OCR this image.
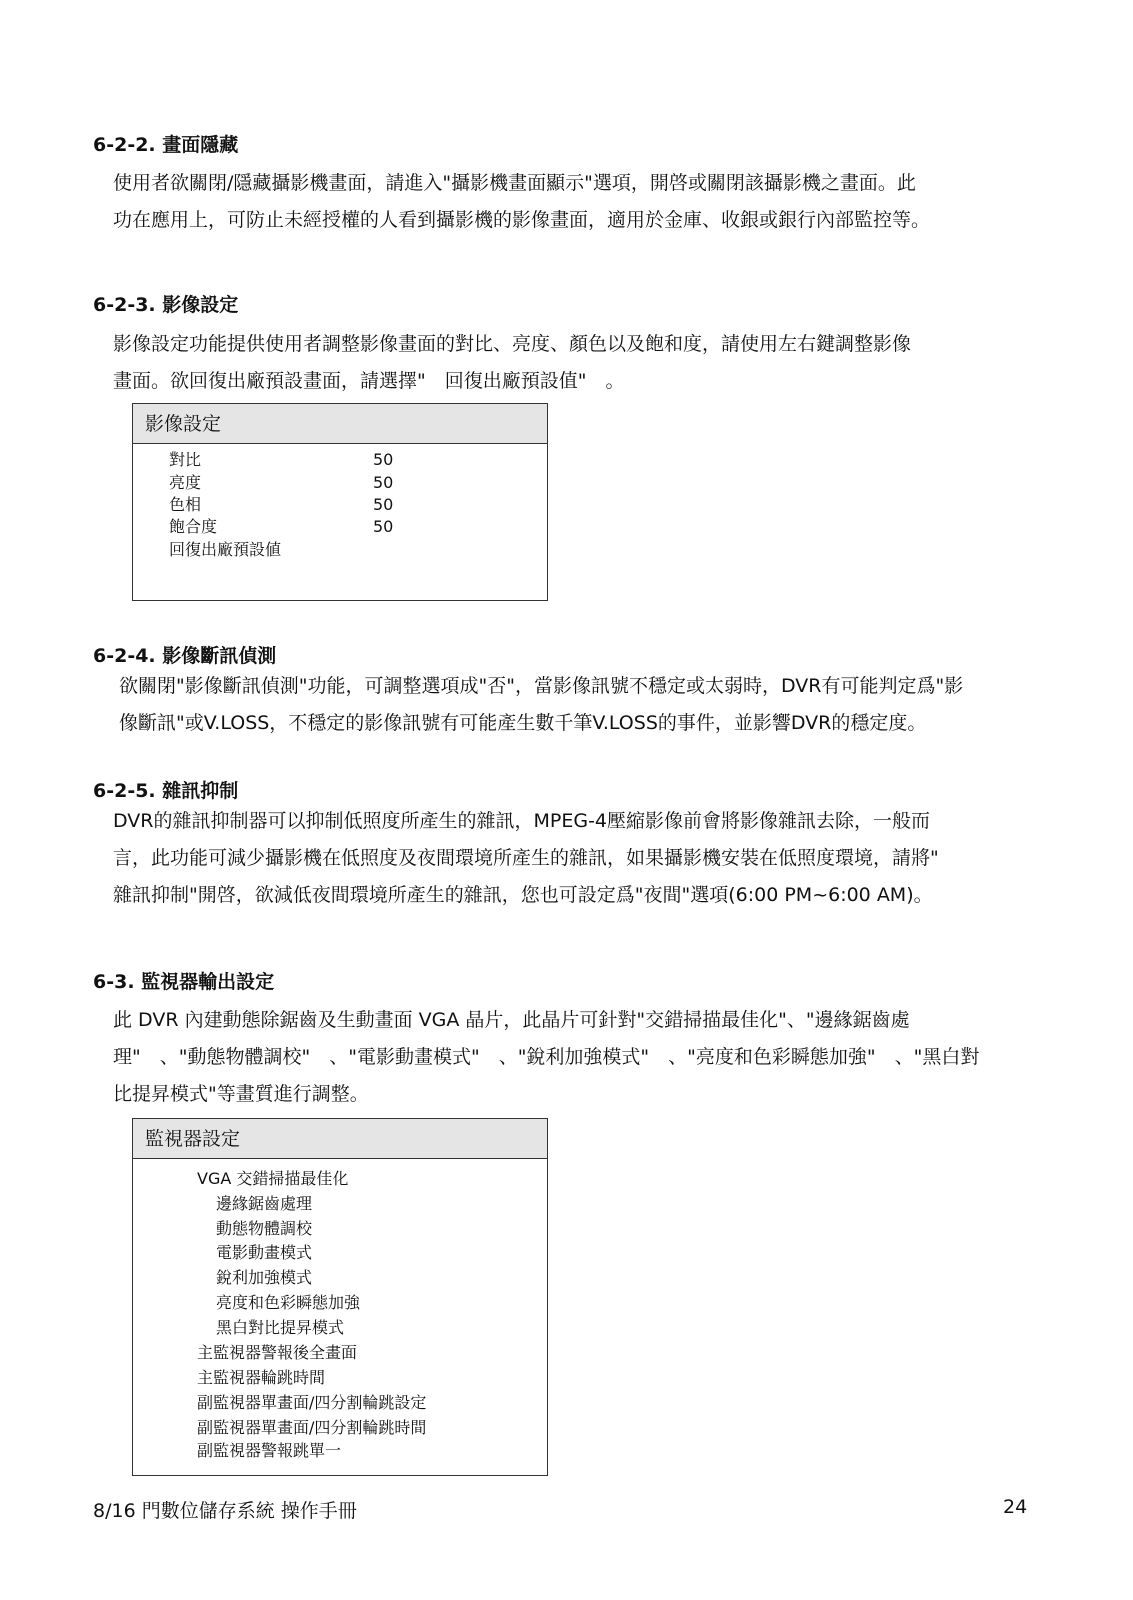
6-2-2. 畫面隱藏

使用者欲關閉/隱藏攝影機畫面，請進入"攝影機畫面顯示"選項，開啓或關閉該攝影機之畫面。此
功在應用上，可防止未經授權的人看到攝影機的影像畫面，適用於金庫、收銀或銀行內部監控等。

6-2-3. 影像設定

影像設定功能提供使用者調整影像畫面的對比、亮度、顏色以及飽和度，請使用左右鍵調整影像
畫面。欲回復出廠預設畫面，請選擇"　回復出廠預設值"　。

影像設定
對比	50
亮度	50
色相	50
飽合度	50
回復出廠預設値
6-2-4. 影像斷訊偵測

欲關閉"影像斷訊偵測"功能，可調整選項成"否"，當影像訊號不穩定或太弱時，DVR有可能判定爲"影
像斷訊"或V.LOSS，不穩定的影像訊號有可能產生數千筆V.LOSS的事件，並影響DVR的穩定度。

6-2-5. 雜訊抑制

DVR的雜訊抑制器可以抑制低照度所產生的雜訊，MPEG-4壓縮影像前會將影像雜訊去除，一般而
言，此功能可減少攝影機在低照度及夜間環境所產生的雜訊，如果攝影機安裝在低照度環境，請將"
雜訊抑制"開啓，欲減低夜間環境所產生的雜訊，您也可設定爲"夜間"選項(6:00 PM~6:00 AM)。

6-3. 監視器輸出設定

此 DVR 內建動態除鋸齒及生動畫面 VGA 晶片，此晶片可針對"交錯掃描最佳化"、"邊緣鋸齒處
理"　、"動態物體調校"　、"電影動畫模式"　、"銳利加強模式"　、"亮度和色彩瞬態加強"　、"黑白對
比提昇模式"等畫質進行調整。

監視器設定
VGA 交錯掃描最佳化
邊緣鋸齒處理
動態物體調校
電影動畫模式
銳利加強模式
亮度和色彩瞬態加強
黑白對比提昇模式
主監視器警報後全畫面
主監視器輪跳時間
副監視器單畫面/四分割輪跳設定
副監視器單畫面/四分割輪跳時間
副監視器警報跳單一
8/16 門數位儲存系統 操作手冊	24
